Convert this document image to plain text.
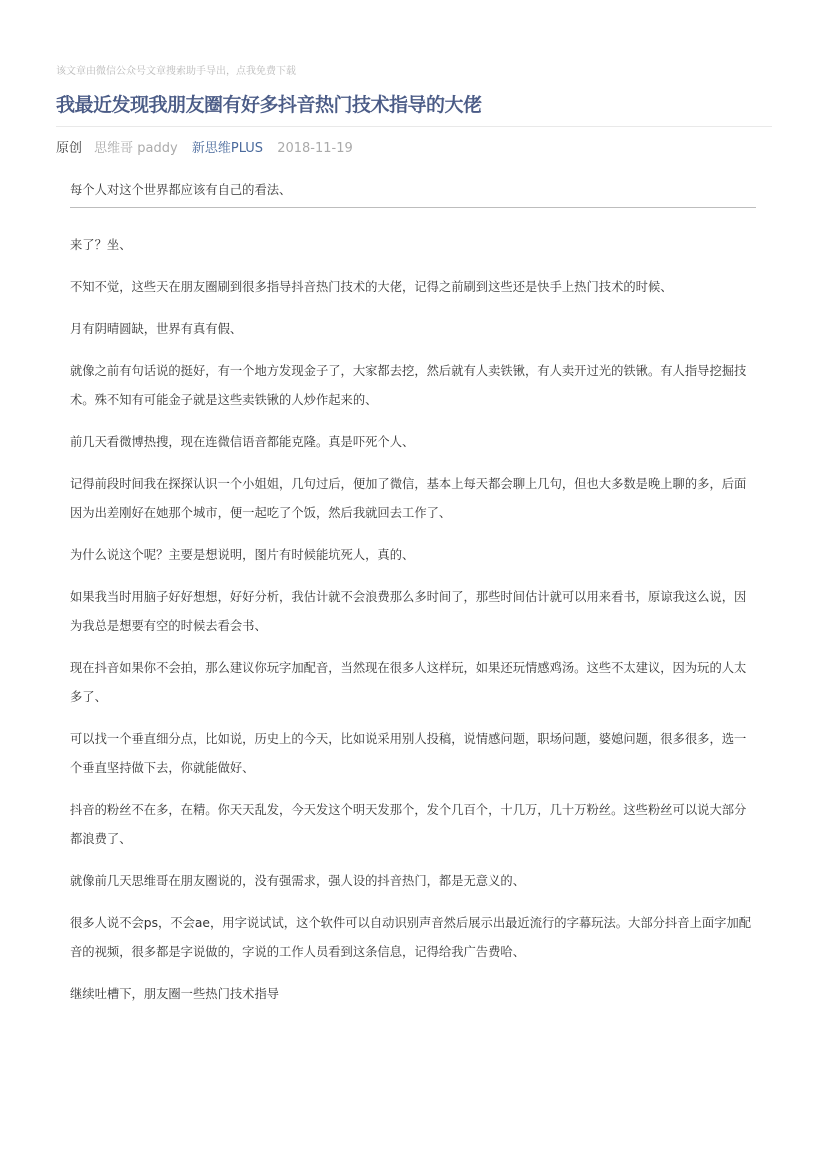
该文章由微信公众号文章搜索助手导出，点我免费下载
我最近发现我朋友圈有好多抖音热门技术指导的大佬
原创 思维哥 paddy 新思维PLUS 2018-11-19
每个人对这个世界都应该有自己的看法、

来了？坐、

不知不觉，这些天在朋友圈刷到很多指导抖音热门技术的大佬，记得之前刷到这些还是快手上热门技术的时候、

月有阴晴圆缺，世界有真有假、

就像之前有句话说的挺好，有一个地方发现金子了，大家都去挖，然后就有人卖铁锹，有人卖开过光的铁锹。有人指导挖掘技术。殊不知有可能金子就是这些卖铁锹的人炒作起来的、

前几天看微博热搜，现在连微信语音都能克隆。真是吓死个人、

记得前段时间我在探探认识一个小姐姐，几句过后，便加了微信，基本上每天都会聊上几句，但也大多数是晚上聊的多，后面因为出差刚好在她那个城市，便一起吃了个饭，然后我就回去工作了、

为什么说这个呢？主要是想说明，图片有时候能坑死人，真的、

如果我当时用脑子好好想想，好好分析，我估计就不会浪费那么多时间了，那些时间估计就可以用来看书，原谅我这么说，因为我总是想要有空的时候去看会书、

现在抖音如果你不会拍，那么建议你玩字加配音，当然现在很多人这样玩，如果还玩情感鸡汤。这些不太建议，因为玩的人太多了、

可以找一个垂直细分点，比如说，历史上的今天，比如说采用别人投稿，说情感问题，职场问题，婆媳问题，很多很多，选一个垂直坚持做下去，你就能做好、

抖音的粉丝不在多，在精。你天天乱发，今天发这个明天发那个，发个几百个，十几万，几十万粉丝。这些粉丝可以说大部分都浪费了、

就像前几天思维哥在朋友圈说的，没有强需求，强人设的抖音热门，都是无意义的、

很多人说不会ps，不会ae，用字说试试，这个软件可以自动识别声音然后展示出最近流行的字幕玩法。大部分抖音上面字加配音的视频，很多都是字说做的，字说的工作人员看到这条信息，记得给我广告费哈、

继续吐槽下，朋友圈一些热门技术指导
